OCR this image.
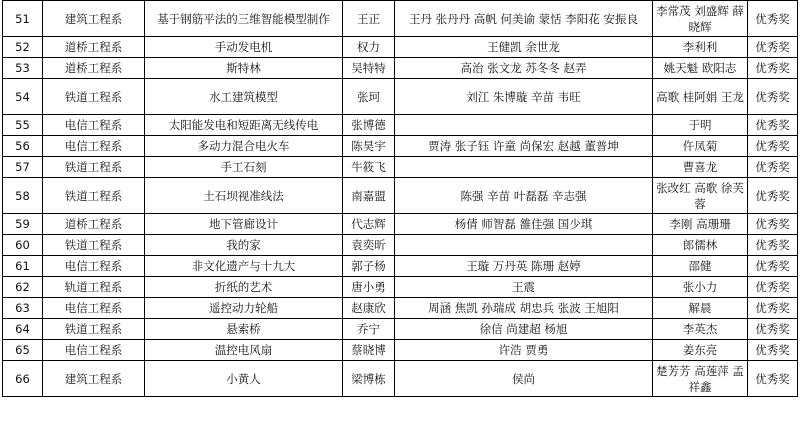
51	建筑工程系	基于钢筋平法的三维智能模型制作	王正	王丹 张丹丹 高帆 何美谕 蒙恬 李阳花 安振良	李常茂 刘盛辉 薛晓辉	优秀奖
52	道桥工程系	手动发电机	权力	王健凯 余世龙	李利利	优秀奖
53	道桥工程系	斯特林	吴特特	高治 张文龙 苏冬冬 赵弄	姚天魁 欧阳志	优秀奖
54	铁道工程系	水工建筑模型	张珂	刘江 朱博璇 辛苗 韦旺	高歌 桂阿娟 王龙	优秀奖
55	电信工程系	太阳能发电和短距离无线传电	张博德		于明	优秀奖
56	电信工程系	多动力混合电火车	陈昊宇	贾涛 张子钰 许童 尚保宏 赵越 董普坤	仵凤菊	优秀奖
57	铁道工程系	手工石刻	牛筱飞		曹喜龙	优秀奖
58	铁道工程系	土石坝视准线法	南嘉盟	陈强 辛苗 叶磊磊 辛志强	张改红 高歌 徐芙蓉	优秀奖
59	道桥工程系	地下管廊设计	代志辉	杨倩 师智磊 雒佳强 国少琪	李刚 高珊珊	优秀奖
60	铁道工程系	我的家	袁奕昕		郎儒林	优秀奖
61	电信工程系	非文化遗产与十九大	郭子杨	王璇 万丹英 陈珊 赵婷	邵健	优秀奖
62	轨道工程系	折纸的艺术	唐小勇	王震	张小力	优秀奖
63	电信工程系	遥控动力轮船	赵康欣	周涵 焦凯 孙瑞成 胡忠兵 张波 王旭阳	解晨	优秀奖
64	铁道工程系	悬索桥	乔宁	徐信 尚建超 杨旭	李英杰	优秀奖
65	电信工程系	温控电风扇	蔡晓博	许浩 贾勇	姜东亮	优秀奖
66	建筑工程系	小黄人	梁博栋	侯尚	楚芳芳 高莲萍 孟祥鑫	优秀奖
